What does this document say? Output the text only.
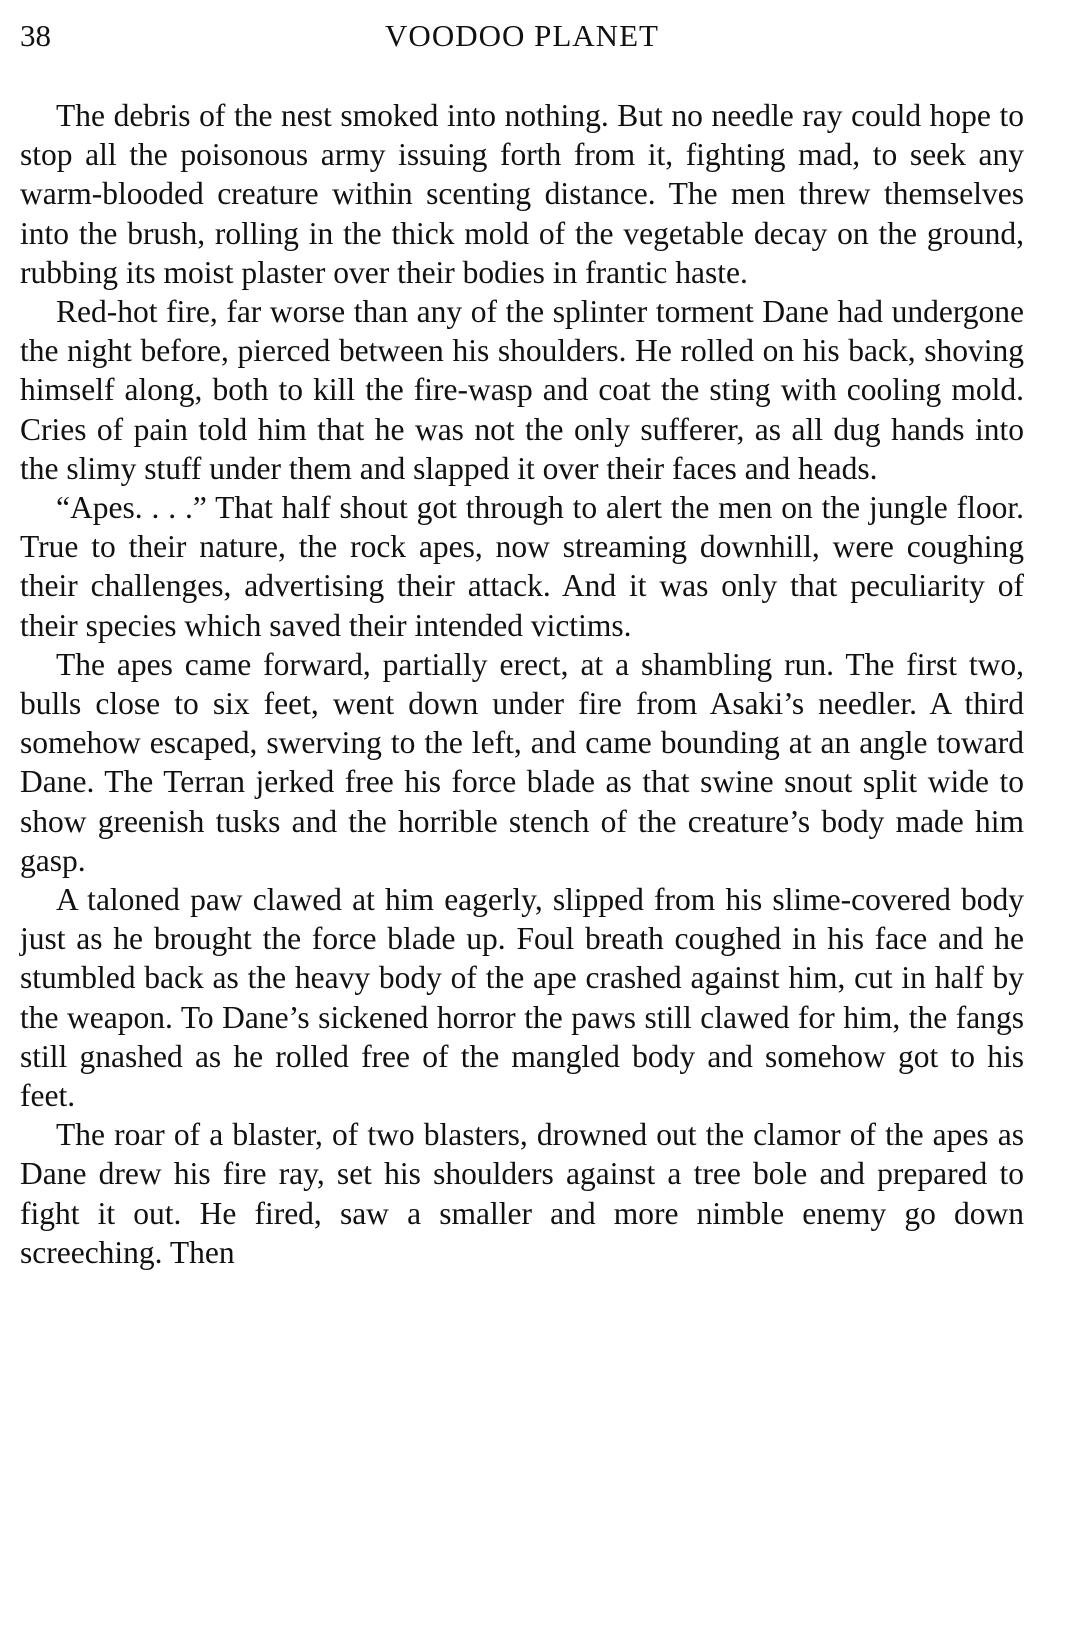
38	VOODOO PLANET

The debris of the nest smoked into nothing. But no needle ray could hope to stop all the poisonous army issuing forth from it, fighting mad, to seek any warm-blooded creature within scenting distance. The men threw themselves into the brush, rolling in the thick mold of the vegetable decay on the ground, rubbing its moist plaster over their bodies in frantic haste.

Red-hot fire, far worse than any of the splinter torment Dane had undergone the night before, pierced between his shoulders. He rolled on his back, shoving himself along, both to kill the fire-wasp and coat the sting with cooling mold. Cries of pain told him that he was not the only sufferer, as all dug hands into the slimy stuff under them and slapped it over their faces and heads.

“Apes. . . .” That half shout got through to alert the men on the jungle floor. True to their nature, the rock apes, now streaming downhill, were coughing their challenges, advertising their attack. And it was only that peculiarity of their species which saved their intended victims.

The apes came forward, partially erect, at a shambling run. The first two, bulls close to six feet, went down under fire from Asaki’s needler. A third somehow escaped, swerving to the left, and came bounding at an angle toward Dane. The Terran jerked free his force blade as that swine snout split wide to show greenish tusks and the horrible stench of the creature’s body made him gasp.

A taloned paw clawed at him eagerly, slipped from his slime-covered body just as he brought the force blade up. Foul breath coughed in his face and he stumbled back as the heavy body of the ape crashed against him, cut in half by the weapon. To Dane’s sickened horror the paws still clawed for him, the fangs still gnashed as he rolled free of the mangled body and somehow got to his feet.

The roar of a blaster, of two blasters, drowned out the clamor of the apes as Dane drew his fire ray, set his shoulders against a tree bole and prepared to fight it out. He fired, saw a smaller and more nimble enemy go down screeching. Then
